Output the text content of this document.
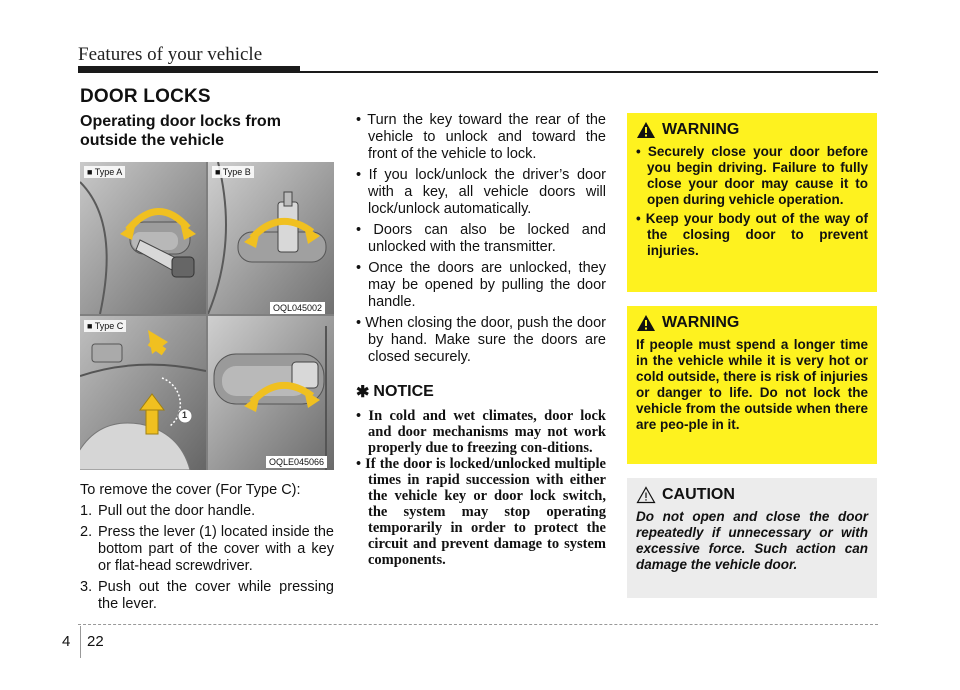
Features of your vehicle
DOOR LOCKS
Operating door locks from outside the vehicle
■ Type A	■ Type B
■ Type C
OQL045002
OQLE045066
1
To remove the cover (For Type C):
1. Pull out the door handle.
2. Press the lever (1) located inside the bottom part of the cover with a key or flat-head screwdriver.
3. Push out the cover while pressing the lever.
• Turn the key toward the rear of the vehicle to unlock and toward the front of the vehicle to lock.
• If you lock/unlock the driver’s door with a key, all vehicle doors will lock/unlock automatically.
• Doors can also be locked and unlocked with the transmitter.
• Once the doors are unlocked, they may be opened by pulling the door handle.
• When closing the door, push the door by hand. Make sure the doors are closed securely.
✱ NOTICE
• In cold and wet climates, door lock and door mechanisms may not work properly due to freezing con-ditions.
• If the door is locked/unlocked multiple times in rapid succession with either the vehicle key or door lock switch, the system may stop operating temporarily in order to protect the circuit and prevent damage to system components.
WARNING
• Securely close your door before you begin driving. Failure to fully close your door may cause it to open during vehicle operation.
• Keep your body out of the way of the closing door to prevent injuries.
WARNING

If people must spend a longer time in the vehicle while it is very hot or cold outside, there is risk of injuries or danger to life. Do not lock the vehicle from the outside when there are peo-ple in it.

CAUTION

Do not open and close the door repeatedly if unnecessary or with excessive force. Such action can damage the vehicle door.

4 22
